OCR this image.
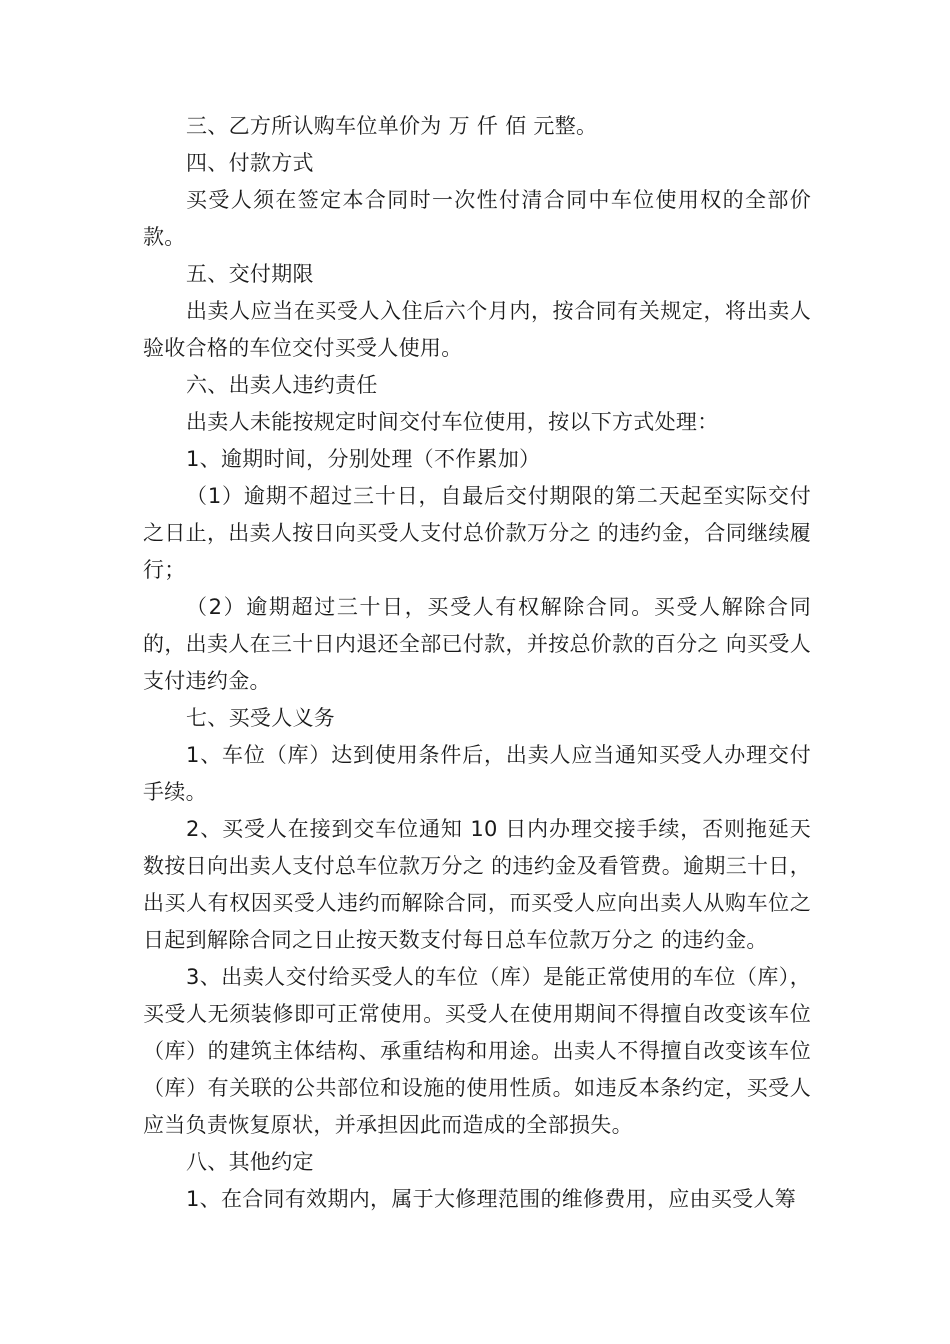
三、乙方所认购车位单价为 万 仟 佰 元整。

四、付款方式

买受人须在签定本合同时一次性付清合同中车位使用权的全部价款。

五、交付期限

出卖人应当在买受人入住后六个月内，按合同有关规定，将出卖人验收合格的车位交付买受人使用。

六、出卖人违约责任

出卖人未能按规定时间交付车位使用，按以下方式处理：

1、逾期时间，分别处理（不作累加）

（1）逾期不超过三十日，自最后交付期限的第二天起至实际交付之日止，出卖人按日向买受人支付总价款万分之 的违约金，合同继续履行；

（2）逾期超过三十日，买受人有权解除合同。买受人解除合同的，出卖人在三十日内退还全部已付款，并按总价款的百分之 向买受人支付违约金。

七、买受人义务

1、车位（库）达到使用条件后，出卖人应当通知买受人办理交付手续。

2、买受人在接到交车位通知 10 日内办理交接手续，否则拖延天数按日向出卖人支付总车位款万分之 的违约金及看管费。逾期三十日，出买人有权因买受人违约而解除合同，而买受人应向出卖人从购车位之日起到解除合同之日止按天数支付每日总车位款万分之 的违约金。

3、出卖人交付给买受人的车位（库）是能正常使用的车位（库），买受人无须装修即可正常使用。买受人在使用期间不得擅自改变该车位（库）的建筑主体结构、承重结构和用途。出卖人不得擅自改变该车位（库）有关联的公共部位和设施的使用性质。如违反本条约定，买受人应当负责恢复原状，并承担因此而造成的全部损失。

八、其他约定

1、在合同有效期内，属于大修理范围的维修费用，应由买受人筹
